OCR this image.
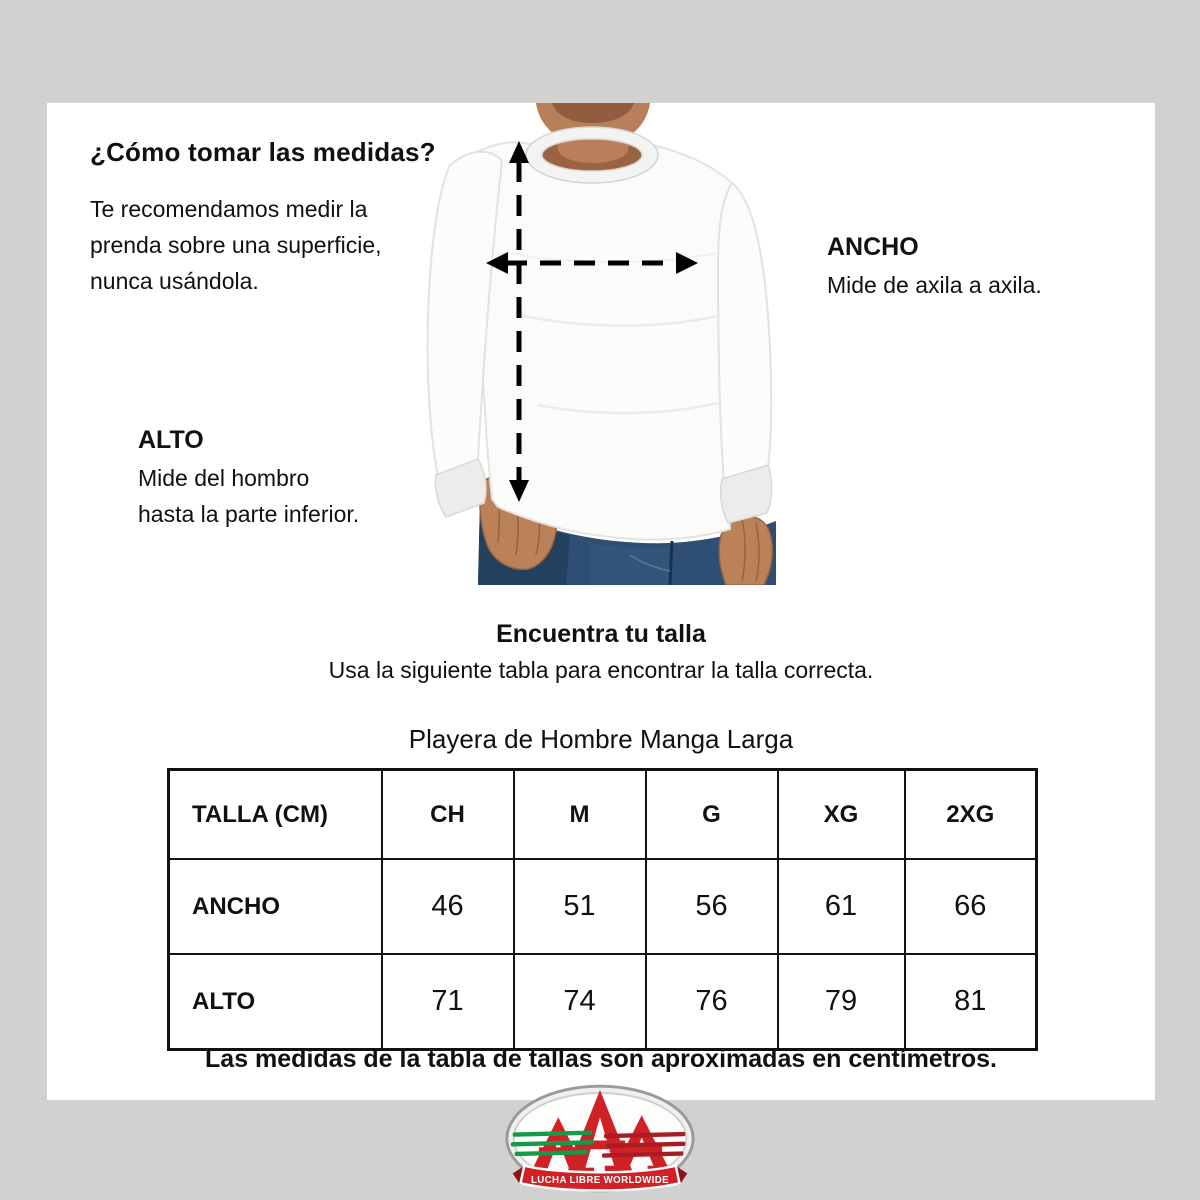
¿Cómo tomar las medidas?
Te recomendamos medir la prenda sobre una superficie, nunca usándola.
ANCHO
Mide de axila a axila.
ALTO
Mide del hombro
hasta la parte inferior.
Encuentra tu talla
Usa la siguiente tabla para encontrar la talla correcta.
Playera de Hombre Manga Larga
TALLA (CM)	CH	M	G	XG	2XG
ANCHO	46	51	56	61	66
ALTO	71	74	76	79	81
Las medidas de la tabla de tallas son aproximadas en centímetros.
LUCHA LIBRE WORLDWIDE
